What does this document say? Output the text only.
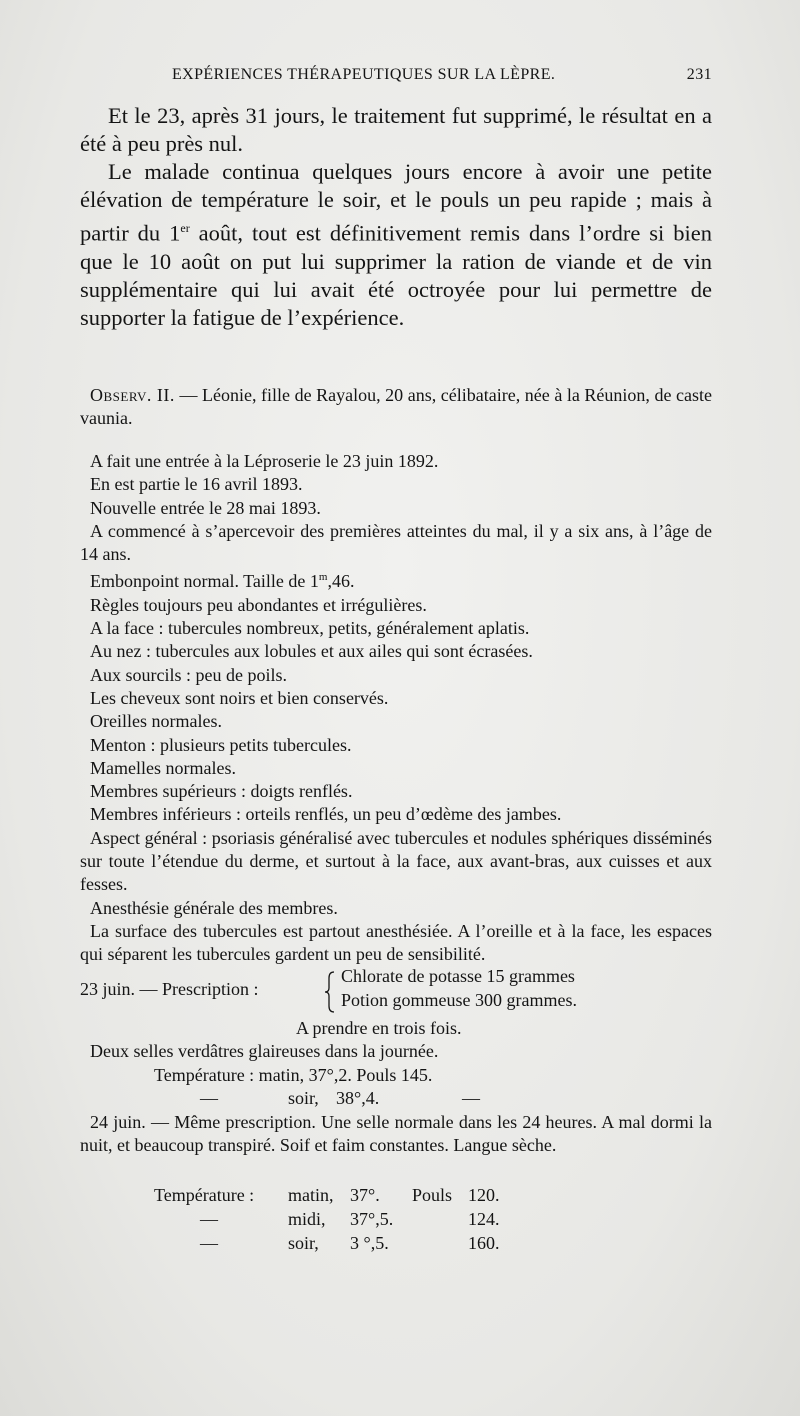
EXPÉRIENCES THÉRAPEUTIQUES SUR LA LÈPRE.	231

Et le 23, après 31 jours, le traitement fut supprimé, le résultat en a été à peu près nul.

Le malade continua quelques jours encore à avoir une petite élévation de température le soir, et le pouls un peu rapide ; mais à partir du 1er août, tout est définitivement remis dans l’ordre si bien que le 10 août on put lui supprimer la ration de viande et de vin supplémentaire qui lui avait été octroyée pour lui permettre de supporter la fatigue de l’expérience.

Observ. II. — Léonie, fille de Rayalou, 20 ans, célibataire, née à la Réunion, de caste vaunia.

A fait une entrée à la Léproserie le 23 juin 1892.

En est partie le 16 avril 1893.

Nouvelle entrée le 28 mai 1893.

A commencé à s’apercevoir des premières atteintes du mal, il y a six ans, à l’âge de 14 ans.

Embonpoint normal. Taille de 1$^m$,46.

Règles toujours peu abondantes et irrégulières.

A la face : tubercules nombreux, petits, généralement aplatis.

Au nez : tubercules aux lobules et aux ailes qui sont écrasées.

Aux sourcils : peu de poils.

Les cheveux sont noirs et bien conservés.

Oreilles normales.

Menton : plusieurs petits tubercules.

Mamelles normales.

Membres supérieurs : doigts renflés.

Membres inférieurs : orteils renflés, un peu d’œdème des jambes.

Aspect général : psoriasis généralisé avec tubercules et nodules sphériques disséminés sur toute l’étendue du derme, et surtout à la face, aux avant-bras, aux cuisses et aux fesses.

Anesthésie générale des membres.

La surface des tubercules est partout anesthésiée. A l’oreille et à la face, les espaces qui séparent les tubercules gardent un peu de sensibilité.

23 juin. — Prescription :
Chlorate de potasse 15 grammes
Potion gommeuse 300 grammes.
A prendre en trois fois.
Deux selles verdâtres glaireuses dans la journée.
Température : matin, 37°,2. Pouls 145.
—	soir, 38°,4.	—

24 juin. — Même prescription. Une selle normale dans les 24 heures. A mal dormi la nuit, et beaucoup transpiré. Soif et faim constantes. Langue sèche.

Température : matin, 37°. Pouls 120.
—	midi, 37°,5.	124.
—	soir, 3 °,5.	160.
